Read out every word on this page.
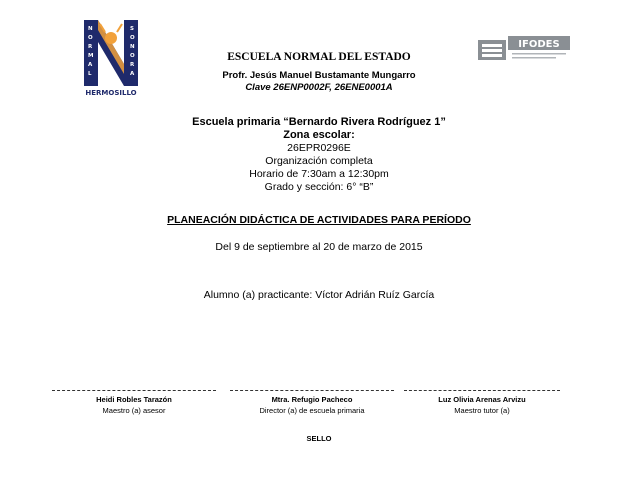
N
O
R
M
A
L
S
O
N
O
R
A
HERMOSILLO
IFODES
ESCUELA NORMAL DEL ESTADO
Profr. Jesús Manuel Bustamante Mungarro
Clave 26ENP0002F, 26ENE0001A
Escuela primaria “Bernardo Rivera Rodríguez 1”
Zona escolar:
26EPR0296E
Organización completa
Horario de 7:30am a 12:30pm
Grado y sección: 6° “B”
PLANEACIÓN DIDÁCTICA DE ACTIVIDADES PARA PERÍODO
Del 9 de septiembre al 20 de marzo de 2015
Alumno (a) practicante: Víctor Adrián Ruíz García
Heidi Robles Tarazón
Maestro (a) asesor
Mtra. Refugio Pacheco
Director (a) de escuela primaria
Luz Olivia Arenas Arvizu
Maestro tutor (a)
SELLO
